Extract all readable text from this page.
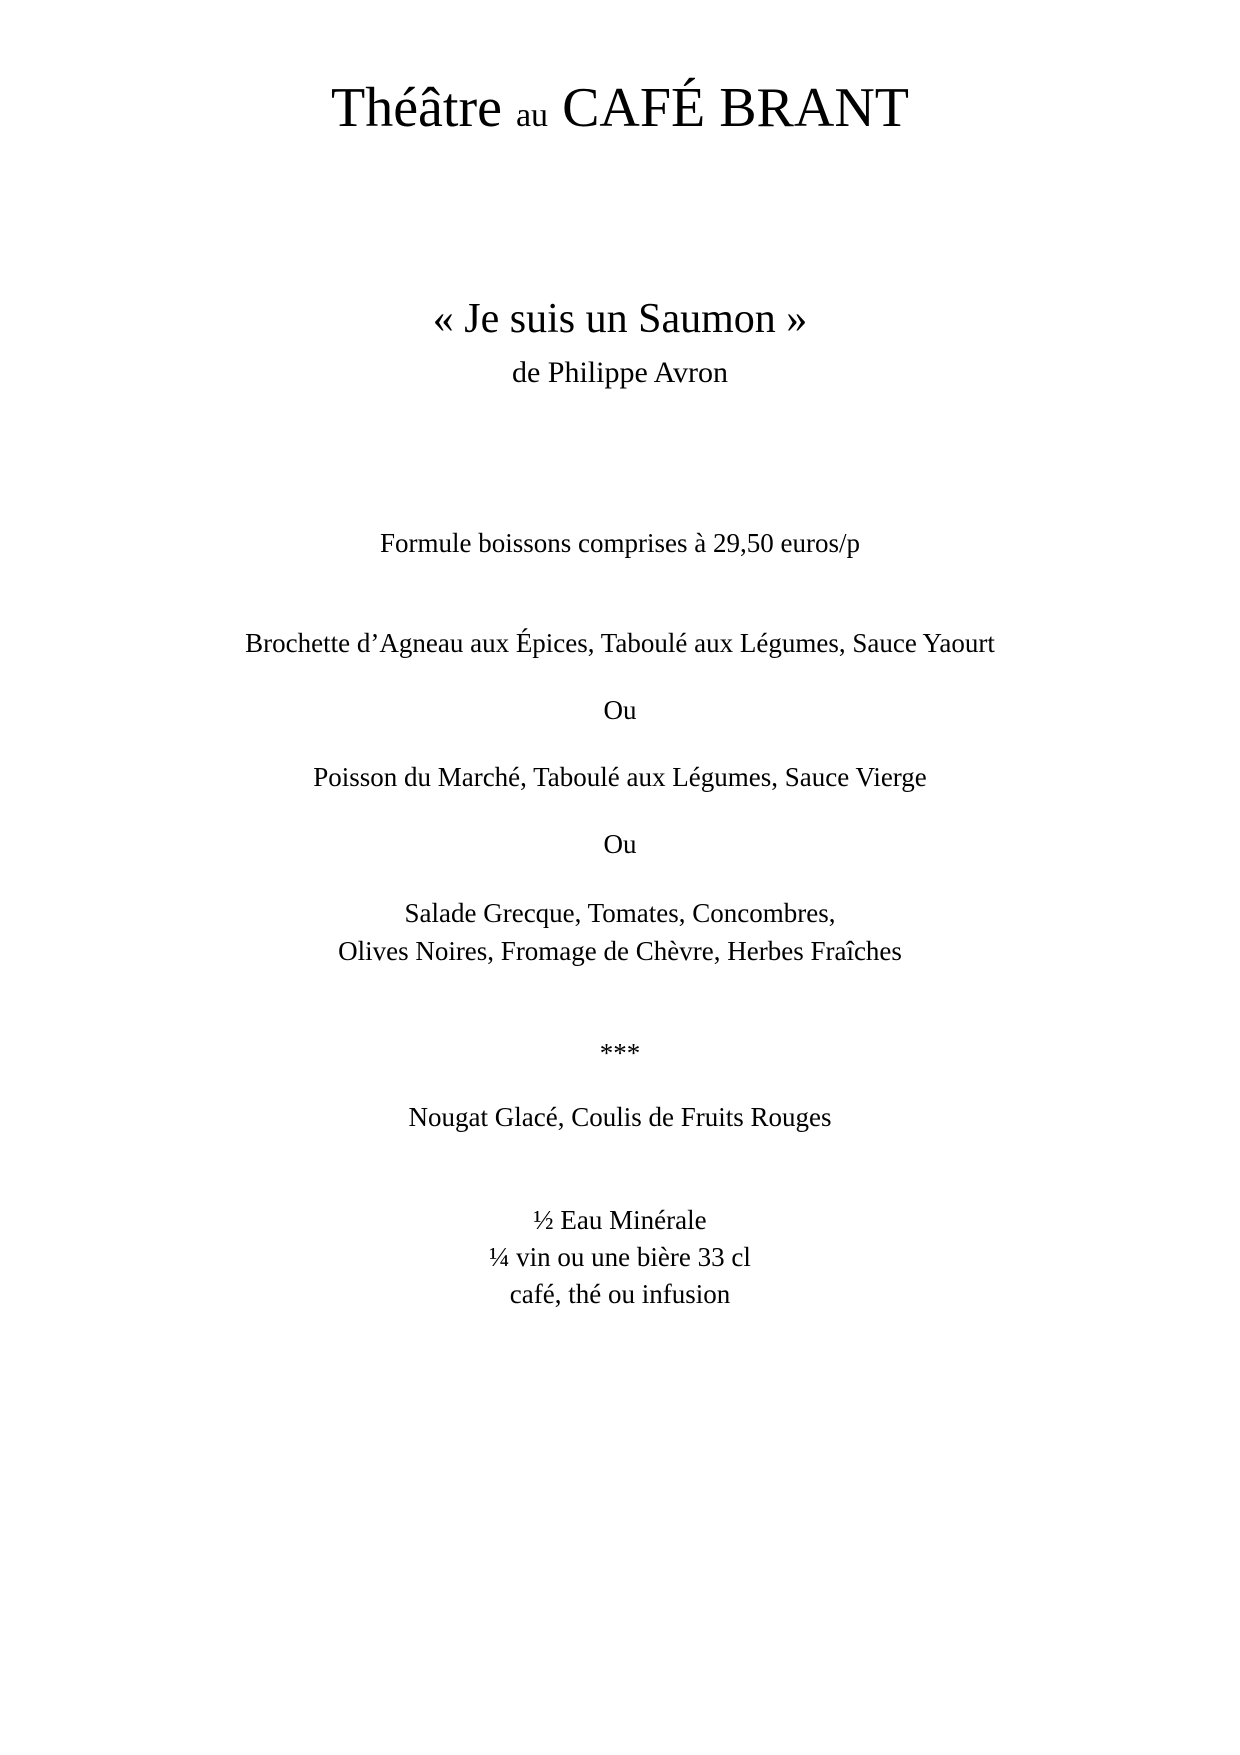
Théâtre au CAFÉ BRANT
« Je suis un Saumon »
de Philippe Avron
Formule boissons comprises à 29,50 euros/p
Brochette d’Agneau aux Épices, Taboulé aux Légumes, Sauce Yaourt
Ou
Poisson du Marché, Taboulé aux Légumes, Sauce Vierge
Ou
Salade Grecque, Tomates, Concombres,
Olives Noires, Fromage de Chèvre, Herbes Fraîches
***
Nougat Glacé, Coulis de Fruits Rouges
½ Eau Minérale
¼ vin ou une bière 33 cl
café, thé ou infusion
